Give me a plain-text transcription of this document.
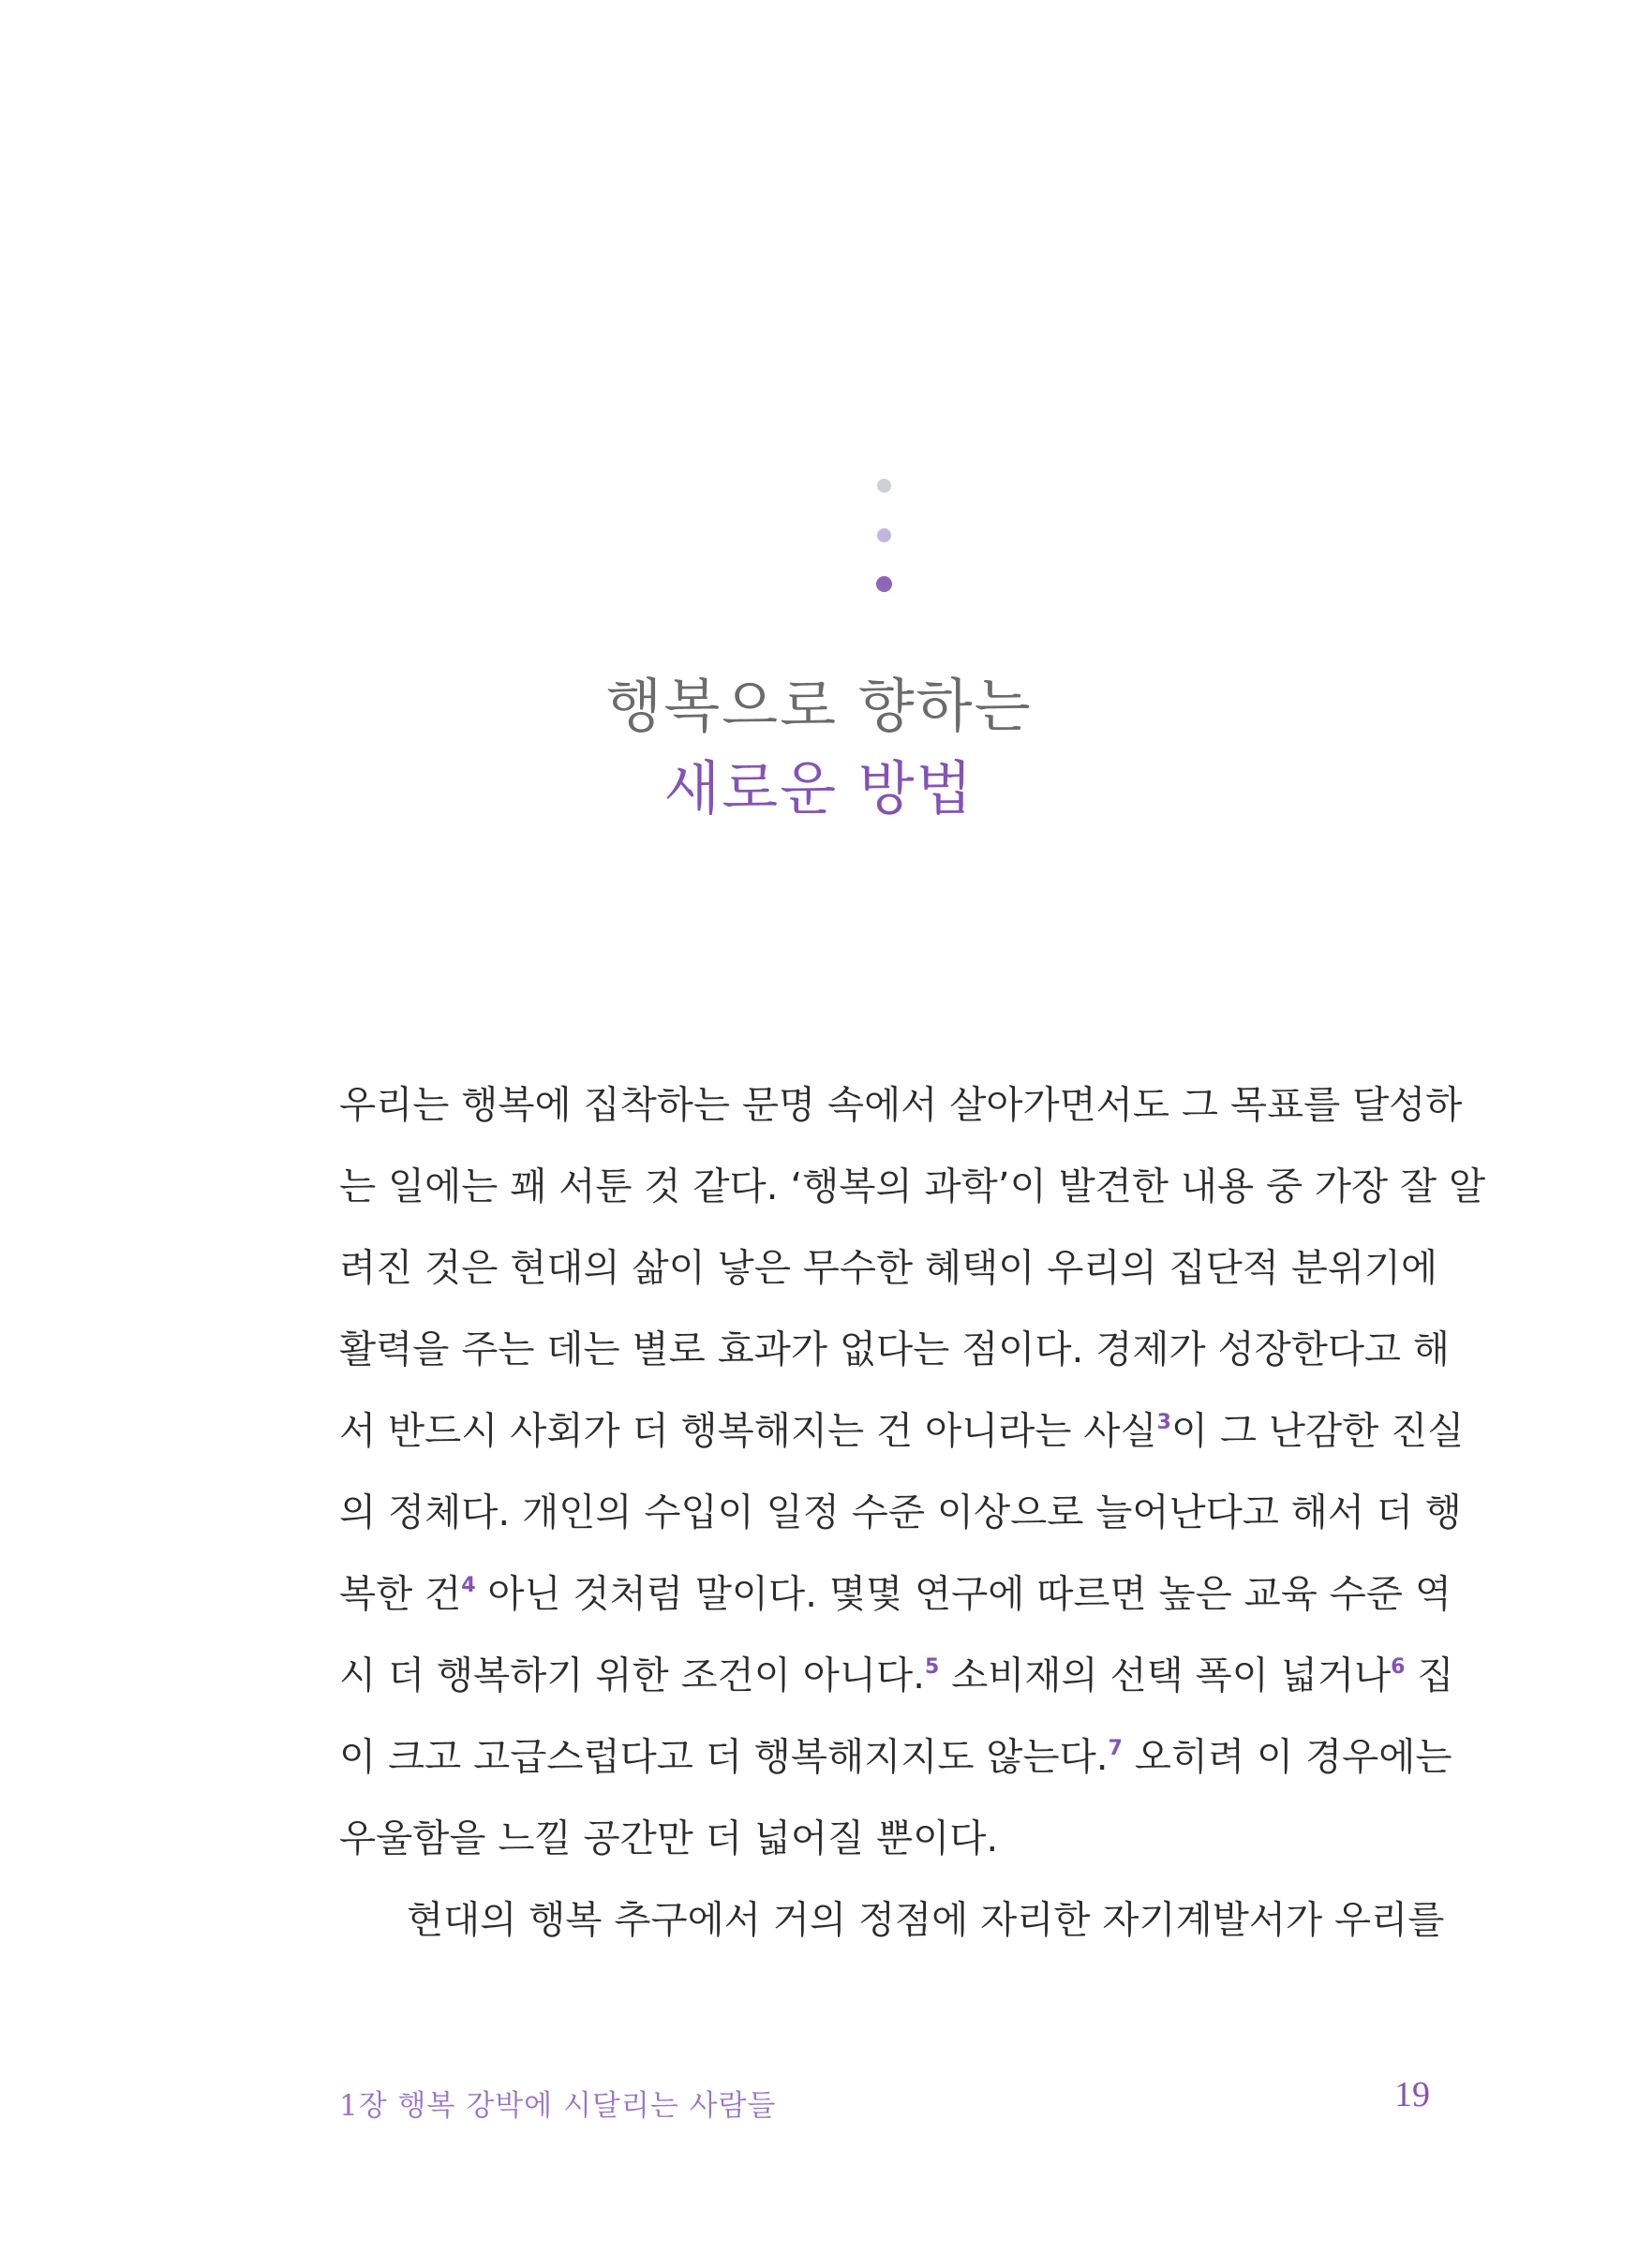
행복으로 향하는
새로운 방법
우리는 행복에 집착하는 문명 속에서 살아가면서도 그 목표를 달성하
는 일에는 꽤 서툰 것 같다. ‘행복의 과학’이 발견한 내용 중 가장 잘 알
려진 것은 현대의 삶이 낳은 무수한 혜택이 우리의 집단적 분위기에
활력을 주는 데는 별로 효과가 없다는 점이다. 경제가 성장한다고 해
서 반드시 사회가 더 행복해지는 건 아니라는 사실$^3$이 그 난감한 진실
의 정체다. 개인의 수입이 일정 수준 이상으로 늘어난다고 해서 더 행
복한 건$^4$ 아닌 것처럼 말이다. 몇몇 연구에 따르면 높은 교육 수준 역
시 더 행복하기 위한 조건이 아니다.$^5$ 소비재의 선택 폭이 넓거나$^6$ 집
이 크고 고급스럽다고 더 행복해지지도 않는다.$^7$ 오히려 이 경우에는
우울함을 느낄 공간만 더 넓어질 뿐이다.
현대의 행복 추구에서 거의 정점에 자리한 자기계발서가 우리를
1장 행복 강박에 시달리는 사람들	19
